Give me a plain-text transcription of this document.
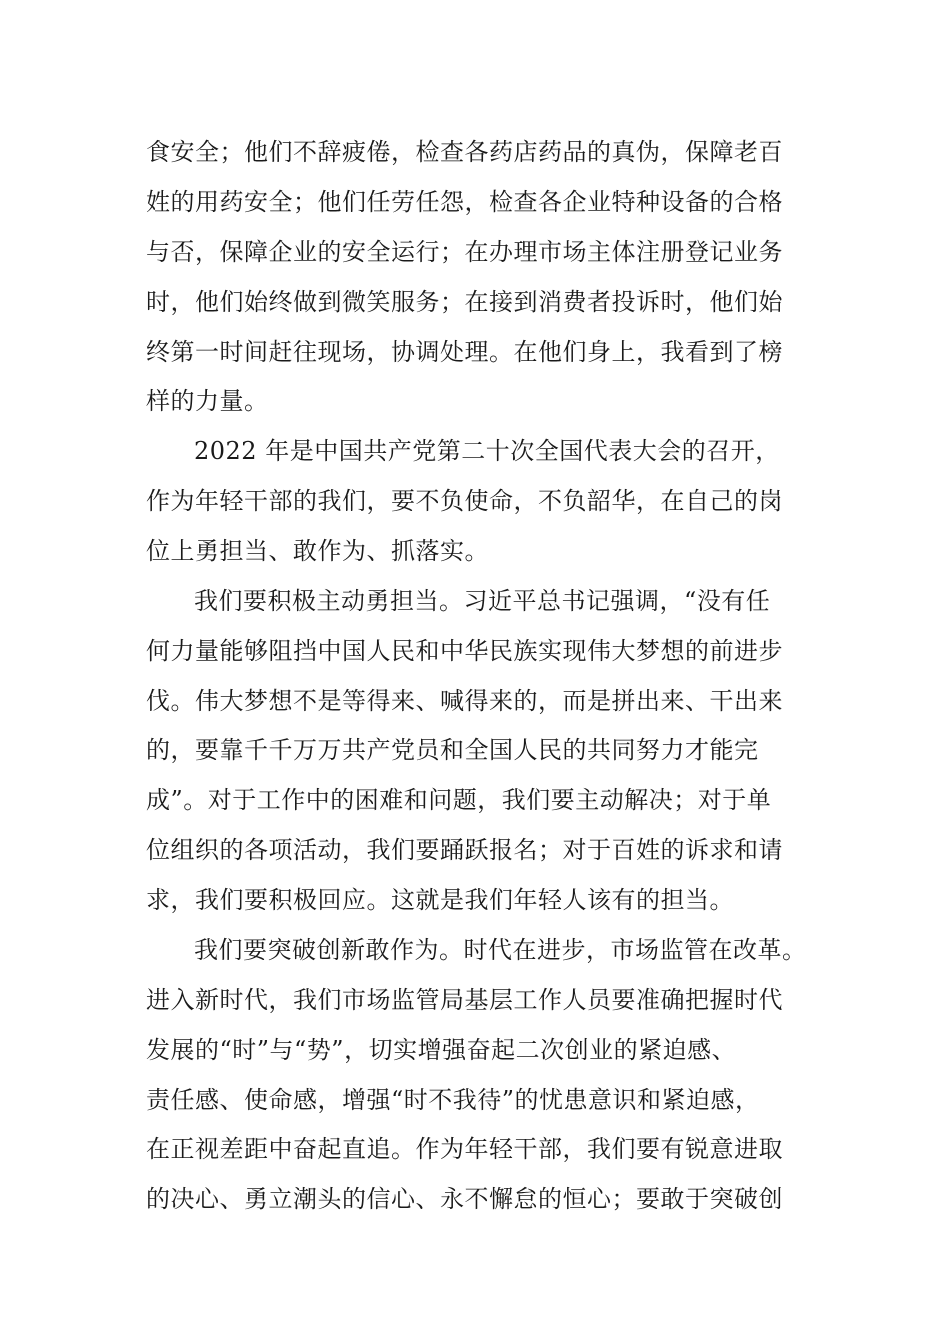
食安全；他们不辞疲倦，检查各药店药品的真伪，保障老百
姓的用药安全；他们任劳任怨，检查各企业特种设备的合格
与否，保障企业的安全运行；在办理市场主体注册登记业务
时，他们始终做到微笑服务；在接到消费者投诉时，他们始
终第一时间赶往现场，协调处理。在他们身上，我看到了榜
样的力量。
2022 年是中国共产党第二十次全国代表大会的召开，
作为年轻干部的我们，要不负使命，不负韶华，在自己的岗
位上勇担当、敢作为、抓落实。
我们要积极主动勇担当。习近平总书记强调，“没有任
何力量能够阻挡中国人民和中华民族实现伟大梦想的前进步
伐。伟大梦想不是等得来、喊得来的，而是拼出来、干出来
的，要靠千千万万共产党员和全国人民的共同努力才能完
成”。对于工作中的困难和问题，我们要主动解决；对于单
位组织的各项活动，我们要踊跃报名；对于百姓的诉求和请
求，我们要积极回应。这就是我们年轻人该有的担当。
我们要突破创新敢作为。时代在进步，市场监管在改革。
进入新时代，我们市场监管局基层工作人员要准确把握时代
发展的“时”与“势”，切实增强奋起二次创业的紧迫感、
责任感、使命感，增强“时不我待”的忧患意识和紧迫感，
在正视差距中奋起直追。作为年轻干部，我们要有锐意进取
的决心、勇立潮头的信心、永不懈怠的恒心；要敢于突破创
